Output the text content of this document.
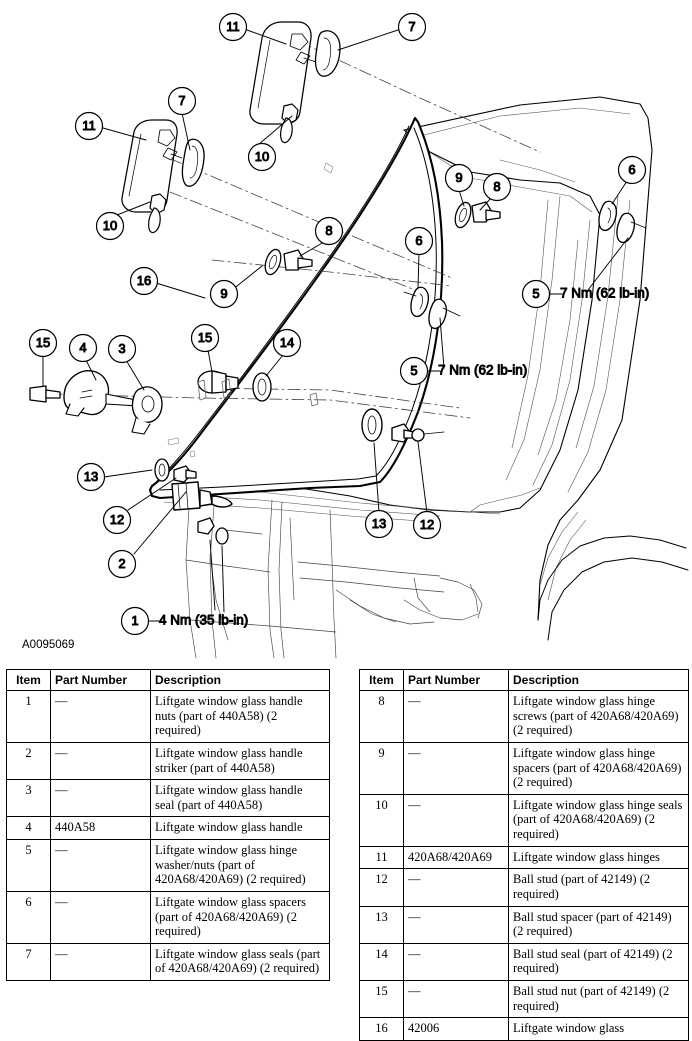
11	7
7
11
10
10
9
8
6
6
8
9
16
15 4 3
15	14
5
5
13
12
2
13	12
1
7 Nm (62 lb-in)
7 Nm (62 lb-in)
4 Nm (35 lb-in)
A0095069
Item	Part Number	Description
1	—	Liftgate window glass handle nuts (part of 440A58) (2 required)
2	—	Liftgate window glass handle striker (part of 440A58)
3	—	Liftgate window glass handle seal (part of 440A58)
4	440A58	Liftgate window glass handle
5	—	Liftgate window glass hinge washer/nuts (part of 420A68/420A69) (2 required)
6	—	Liftgate window glass spacers (part of 420A68/420A69) (2 required)
7	—	Liftgate window glass seals (part of 420A68/420A69) (2 required)
Item	Part Number	Description
8	—	Liftgate window glass hinge screws (part of 420A68/420A69) (2 required)
9	—	Liftgate window glass hinge spacers (part of 420A68/420A69) (2 required)
10	—	Liftgate window glass hinge seals (part of 420A68/420A69) (2 required)
11	420A68/420A69	Liftgate window glass hinges
12	—	Ball stud (part of 42149) (2 required)
13	—	Ball stud spacer (part of 42149) (2 required)
14	—	Ball stud seal (part of 42149) (2 required)
15	—	Ball stud nut (part of 42149) (2 required)
16	42006	Liftgate window glass
